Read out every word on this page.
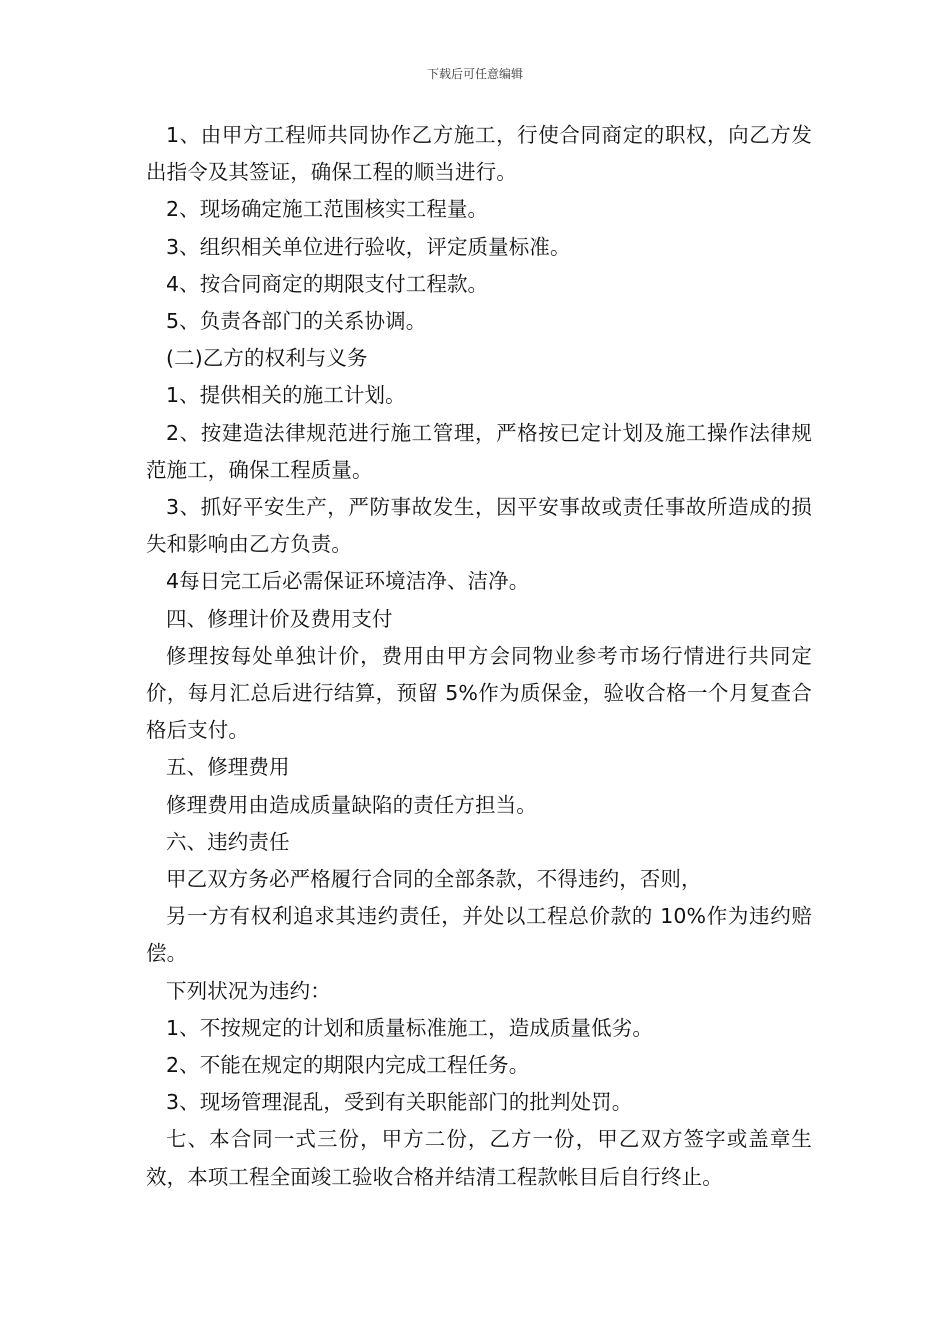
下载后可任意编辑

1、由甲方工程师共同协作乙方施工，行使合同商定的职权，向乙方发出指令及其签证，确保工程的顺当进行。

2、现场确定施工范围核实工程量。

3、组织相关单位进行验收，评定质量标准。

4、按合同商定的期限支付工程款。

5、负责各部门的关系协调。

(二)乙方的权利与义务

1、提供相关的施工计划。

2、按建造法律规范进行施工管理，严格按已定计划及施工操作法律规范施工，确保工程质量。

3、抓好平安生产，严防事故发生，因平安事故或责任事故所造成的损失和影响由乙方负责。

4每日完工后必需保证环境洁净、洁净。

四、修理计价及费用支付

修理按每处单独计价，费用由甲方会同物业参考市场行情进行共同定价，每月汇总后进行结算，预留 5%作为质保金，验收合格一个月复查合格后支付。

五、修理费用

修理费用由造成质量缺陷的责任方担当。

六、违约责任

甲乙双方务必严格履行合同的全部条款，不得违约，否则，

另一方有权利追求其违约责任，并处以工程总价款的 10%作为违约赔偿。

下列状况为违约：

1、不按规定的计划和质量标准施工，造成质量低劣。

2、不能在规定的期限内完成工程任务。

3、现场管理混乱，受到有关职能部门的批判处罚。

七、本合同一式三份，甲方二份，乙方一份，甲乙双方签字或盖章生效，本项工程全面竣工验收合格并结清工程款帐目后自行终止。
